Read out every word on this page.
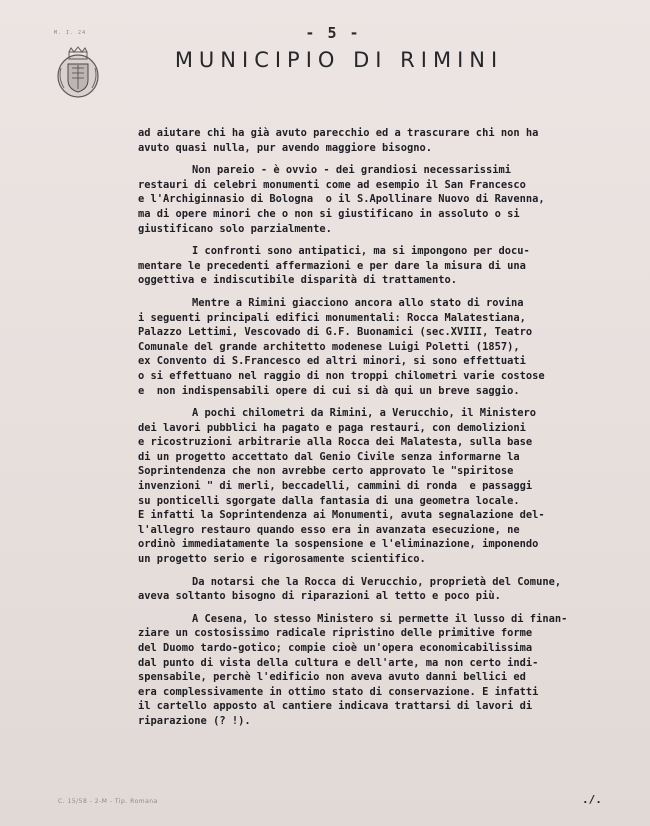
M. I. 24	- 5 -
MUNICIPIO DI RIMINI
ad aiutare chi ha già avuto parecchio ed a trascurare chi non ha
avuto quasi nulla, pur avendo maggiore bisogno.
Non pareio - è ovvio - dei grandiosi necessarissimi
restauri di celebri monumenti come ad esempio il San Francesco
e l'Archiginnasio di Bologna  o il S.Apollinare Nuovo di Ravenna,
ma di opere minori che o non si giustificano in assoluto o si
giustificano solo parzialmente.
I confronti sono antipatici, ma si impongono per docu-
mentare le precedenti affermazioni e per dare la misura di una
oggettiva e indiscutibile disparità di trattamento.
Mentre a Rimini giacciono ancora allo stato di rovina
i seguenti principali edifici monumentali: Rocca Malatestiana,
Palazzo Lettimi, Vescovado di G.F. Buonamici (sec.XVIII, Teatro
Comunale del grande architetto modenese Luigi Poletti (1857),
ex Convento di S.Francesco ed altri minori, si sono effettuati
o si effettuano nel raggio di non troppi chilometri varie costose
e  non indispensabili opere di cui si dà qui un breve saggio.
A pochi chilometri da Rimini, a Verucchio, il Ministero
dei lavori pubblici ha pagato e paga restauri, con demolizioni
e ricostruzioni arbitrarie alla Rocca dei Malatesta, sulla base
di un progetto accettato dal Genio Civile senza informarne la
Soprintendenza che non avrebbe certo approvato le "spiritose
invenzioni " di merli, beccadelli, cammini di ronda  e passaggi
su ponticelli sgorgate dalla fantasia di una geometra locale.
E infatti la Soprintendenza ai Monumenti, avuta segnalazione del-
l'allegro restauro quando esso era in avanzata esecuzione, ne
ordinò immediatamente la sospensione e l'eliminazione, imponendo
un progetto serio e rigorosamente scientifico.
Da notarsi che la Rocca di Verucchio, proprietà del Comune,
aveva soltanto bisogno di riparazioni al tetto e poco più.
A Cesena, lo stesso Ministero si permette il lusso di finan-
ziare un costosissimo radicale ripristino delle primitive forme
del Duomo tardo-gotico; compie cioè un'opera economicabilissima
dal punto di vista della cultura e dell'arte, ma non certo indi-
spensabile, perchè l'edificio non aveva avuto danni bellici ed
era complessivamente in ottimo stato di conservazione. E infatti
il cartello apposto al cantiere indicava trattarsi di lavori di
riparazione (? !).
./.
C. 15/58 - 2-M - Tip. Romana
